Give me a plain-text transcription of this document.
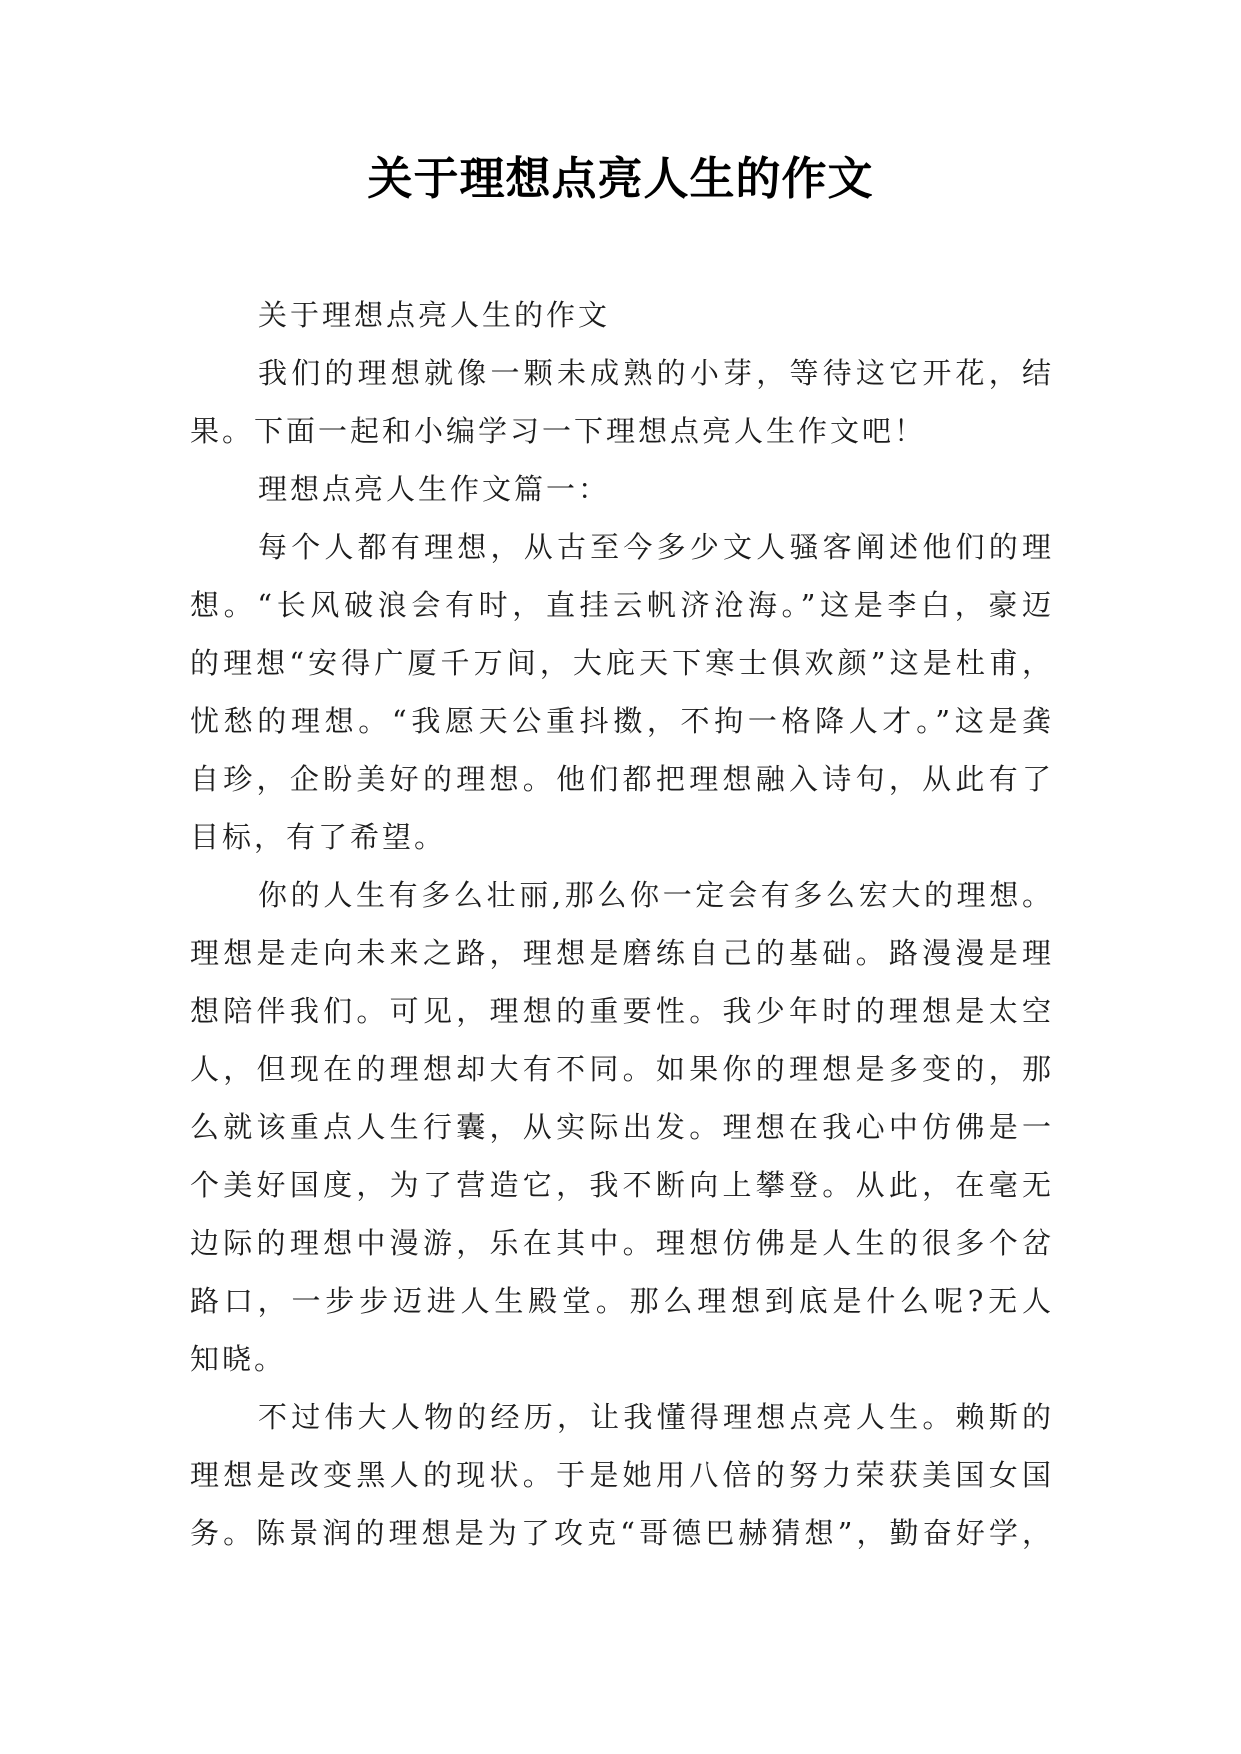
关于理想点亮人生的作文
关于理想点亮人生的作文
我们的理想就像一颗未成熟的小芽，等待这它开花，结
果。下面一起和小编学习一下理想点亮人生作文吧！
理想点亮人生作文篇一：
每个人都有理想，从古至今多少文人骚客阐述他们的理
想。“长风破浪会有时，直挂云帆济沧海。”这是李白，豪迈
的理想“安得广厦千万间，大庇天下寒士俱欢颜”这是杜甫，
忧愁的理想。“我愿天公重抖擞，不拘一格降人才。”这是龚
自珍，企盼美好的理想。他们都把理想融入诗句，从此有了
目标，有了希望。
你的人生有多么壮丽,那么你一定会有多么宏大的理想。
理想是走向未来之路，理想是磨练自己的基础。路漫漫是理
想陪伴我们。可见，理想的重要性。我少年时的理想是太空
人，但现在的理想却大有不同。如果你的理想是多变的，那
么就该重点人生行囊，从实际出发。理想在我心中仿佛是一
个美好国度，为了营造它，我不断向上攀登。从此，在毫无
边际的理想中漫游，乐在其中。理想仿佛是人生的很多个岔
路口，一步步迈进人生殿堂。那么理想到底是什么呢?无人
知晓。
不过伟大人物的经历，让我懂得理想点亮人生。赖斯的
理想是改变黑人的现状。于是她用八倍的努力荣获美国女国
务。陈景润的理想是为了攻克“哥德巴赫猜想”，勤奋好学，
